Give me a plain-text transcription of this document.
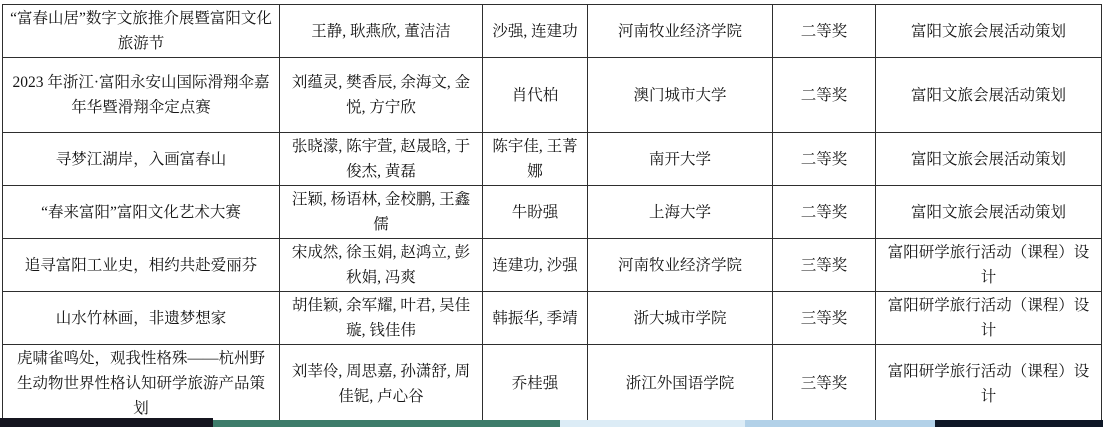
“富春山居”数字文旅推介展暨富阳文化旅游节	王静, 耿燕欣, 董洁洁	沙强, 连建功	河南牧业经济学院	二等奖	富阳文旅会展活动策划
2023 年浙江·富阳永安山国际滑翔伞嘉年华暨滑翔伞定点赛	刘蕴灵, 樊香辰, 余海文, 金悦, 方宁欣	肖代柏	澳门城市大学	二等奖	富阳文旅会展活动策划
寻梦江湖岸，入画富春山	张晓濛, 陈宇萱, 赵晟晗, 于俊杰, 黄磊	陈宇佳, 王菁娜	南开大学	二等奖	富阳文旅会展活动策划
“春来富阳”富阳文化艺术大赛	汪颖, 杨语林, 金校鹏, 王鑫儒	牛盼强	上海大学	二等奖	富阳文旅会展活动策划
追寻富阳工业史，相约共赴爱丽芬	宋成然, 徐玉娟, 赵鸿立, 彭秋娟, 冯爽	连建功, 沙强	河南牧业经济学院	三等奖	富阳研学旅行活动（课程）设计
山水竹林画，非遗梦想家	胡佳颖, 余军耀, 叶君, 吴佳璇, 钱佳伟	韩振华, 季靖	浙大城市学院	三等奖	富阳研学旅行活动（课程）设计
虎啸雀鸣处，观我性格殊——杭州野生动物世界性格认知研学旅游产品策划	刘莘伶, 周思嘉, 孙潇舒, 周佳铌, 卢心谷	乔桂强	浙江外国语学院	三等奖	富阳研学旅行活动（课程）设计
